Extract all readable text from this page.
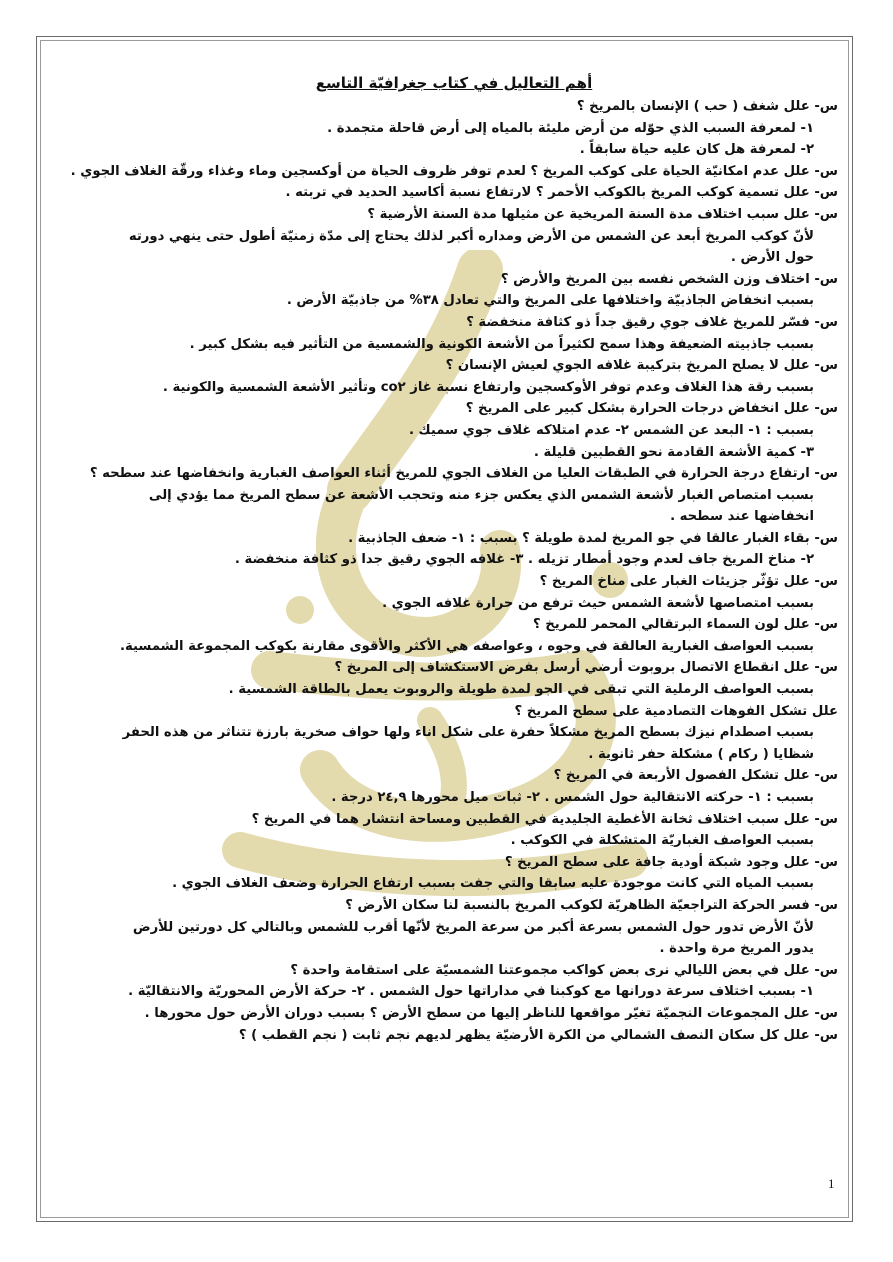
أهم التعاليل في كتاب جغرافيّة التاسع
س- علل شغف ( حب ) الإنسان بالمريخ ؟
١- لمعرفة السبب الذي حوّله من أرض مليئة بالمياه إلى أرض قاحلة متجمدة .
٢- لمعرفة هل كان عليه حياة سابقاً .
س- علل عدم امكانيّة الحياة على كوكب المريخ ؟ لعدم توفر ظروف الحياة من أوكسجين وماء وغذاء ورقّة الغلاف الجوي .
س- علل تسمية كوكب المريخ بالكوكب الأحمر ؟ لارتفاع نسبة أكاسيد الحديد في تربته .
س- علل سبب اختلاف مدة السنة المريخية عن مثيلها مدة السنة الأرضية ؟
لأنّ كوكب المريخ أبعد عن الشمس من الأرض ومداره أكبر لذلك يحتاج إلى مدّة زمنيّة أطول حتى ينهي دورته
حول الأرض .
س- اختلاف وزن الشخص نفسه بين المريخ والأرض ؟
بسبب انخفاض الجاذبيّة واختلافها على المريخ والتي تعادل ٣٨% من جاذبيّة الأرض .
س- فسّر للمريخ غلاف جوي رقيق جداً ذو كثافة منخفضة ؟
بسبب جاذبيته الضعيفة وهذا سمح لكثيراً من الأشعة الكونية والشمسية من التأثير فيه بشكل كبير .
س- علل لا يصلح المريخ بتركيبة غلافه الجوي لعيش الإنسان ؟
بسبب رقة هذا الغلاف وعدم توفر الأوكسجين وارتفاع نسبة غاز co٢ وتأثير الأشعة الشمسية والكونية .
س- علل انخفاض درجات الحرارة بشكل كبير على المريخ ؟
بسبب : ١- البعد عن الشمس ٢- عدم امتلاكه غلاف جوي سميك .
٣- كمية الأشعة القادمة نحو القطبين قليلة .
س- ارتفاع درجة الحرارة في الطبقات العليا من الغلاف الجوي للمريخ أثناء العواصف الغبارية وانخفاضها عند سطحه ؟
بسبب امتصاص الغبار لأشعة الشمس الذي يعكس جزء منه وتحجب الأشعة عن سطح المريخ مما يؤدي إلى
انخفاضها عند سطحه .
س- بقاء الغبار عالقا في جو المريخ لمدة طويلة ؟ بسبب : ١- ضعف الجاذبية .
٢- مناخ المريخ جاف لعدم وجود أمطار تزيله . ٣- غلافه الجوي رقيق جدا ذو كثافة منخفضة .
س- علل تؤثّر جزيئات الغبار على مناخ المريخ ؟
بسبب امتصاصها لأشعة الشمس حيث ترفع من حرارة غلافه الجوي .
س- علل لون السماء البرتقالي المحمر للمريخ ؟
بسبب العواصف الغبارية العالقة في وجوه ، وعواصفه هي الأكثر والأقوى مقارنة بكوكب المجموعة الشمسية.
س- علل انقطاع الاتصال بروبوت أرضي أرسل بفرض الاستكشاف إلى المريخ ؟
بسبب العواصف الرملية التي تبقى في الجو لمدة طويلة والروبوت يعمل بالطاقة الشمسية .
علل تشكل الفوهات التصادمية على سطح المريخ ؟
بسبب اصطدام نيزك بسطح المريخ مشكلاً حفرة على شكل اناء ولها حواف صخرية بارزة تتناثر من هذه الحفر
شظايا ( ركام ) مشكلة حفر ثانوية .
س- علل تشكل الفصول الأربعة في المريخ ؟
بسبب : ١- حركته الانتقالية حول الشمس . ٢- ثبات ميل محورها ٢٤,٩ درجة .
س- علل سبب اختلاف ثخانة الأغطية الجليدية في القطبين ومساحة انتشار هما في المريخ ؟
بسبب العواصف الغباريّة المتشكلة في الكوكب .
س- علل وجود شبكة أودية جافة على سطح المريخ ؟
بسبب المياه التي كانت موجودة عليه سابقا والتي جفت بسبب ارتفاع الحرارة وضعف الغلاف الجوي .
س- فسر الحركة التراجعيّة الظاهريّة لكوكب المريخ بالنسبة لنا سكان الأرض ؟
لأنّ الأرض تدور حول الشمس بسرعة أكبر من سرعة المريخ لأنّها أقرب للشمس وبالتالي كل دورتين للأرض
يدور المريخ مرة واحدة .
س- علل في بعض الليالي نرى بعض كواكب مجموعتنا الشمسيّة على استقامة واحدة ؟
١- بسبب اختلاف سرعة دورانها مع كوكبنا في مداراتها حول الشمس . ٢- حركة الأرض المحوريّة والانتقاليّة .
س- علل المجموعات النجميّة تغيّر مواقعها للناظر إليها من سطح الأرض ؟ بسبب دوران الأرض حول محورها .
س- علل كل سكان النصف الشمالي من الكرة الأرضيّة يظهر لديهم نجم ثابت ( نجم القطب ) ؟
1
